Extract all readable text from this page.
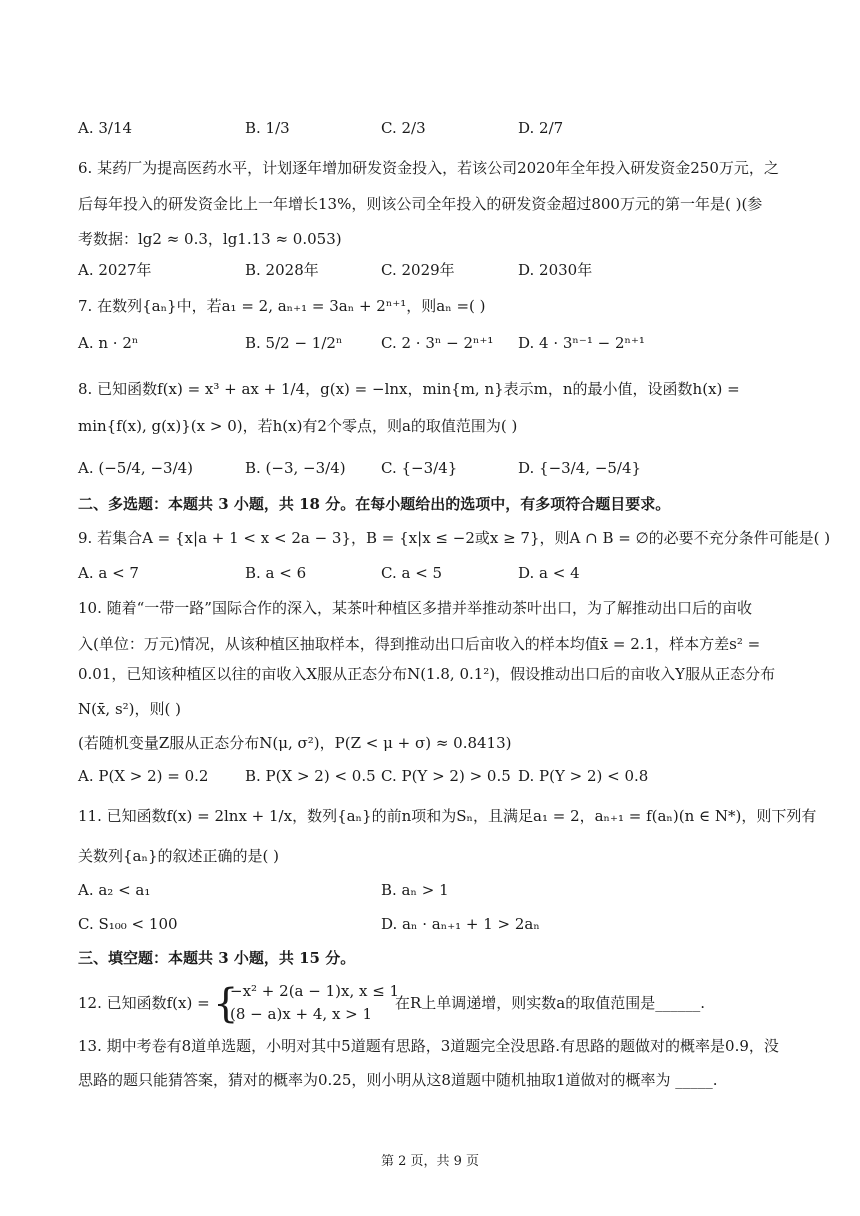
A. 3/14	B. 1/3	C. 2/3	D. 2/7
6. 某药厂为提高医药水平，计划逐年增加研发资金投入，若该公司2020年全年投入研发资金250万元，之
后每年投入的研发资金比上一年增长13%，则该公司全年投入的研发资金超过800万元的第一年是( )(参
考数据：lg2 ≈ 0.3，lg1.13 ≈ 0.053)
A. 2027年	B. 2028年	C. 2029年	D. 2030年
7. 在数列{aₙ}中，若a₁ = 2, aₙ₊₁ = 3aₙ + 2ⁿ⁺¹，则aₙ =( )
A. n · 2ⁿ	B. 5/2 − 1/2ⁿ	C. 2 · 3ⁿ − 2ⁿ⁺¹ D. 4 · 3ⁿ⁻¹ − 2ⁿ⁺¹
8. 已知函数f(x) = x³ + ax + 1/4，g(x) = −lnx，min{m, n}表示m，n的最小值，设函数h(x) =
min{f(x), g(x)}(x > 0)，若h(x)有2个零点，则a的取值范围为( )
A. (−5/4, −3/4)	B. (−3, −3/4) C. {−3/4}	D. {−3/4, −5/4}
二、多选题：本题共 3 小题，共 18 分。在每小题给出的选项中，有多项符合题目要求。
9. 若集合A = {x|a + 1 < x < 2a − 3}，B = {x|x ≤ −2或x ≥ 7}，则A ∩ B = ∅的必要不充分条件可能是( )
A. a < 7	B. a < 6	C. a < 5	D. a < 4
10. 随着“一带一路”国际合作的深入，某茶叶种植区多措并举推动茶叶出口，为了解推动出口后的亩收
入(单位：万元)情况，从该种植区抽取样本，得到推动出口后亩收入的样本均值x̄ = 2.1，样本方差s² =
0.01，已知该种植区以往的亩收入X服从正态分布N(1.8, 0.1²)，假设推动出口后的亩收入Y服从正态分布
N(x̄, s²)，则( )
(若随机变量Z服从正态分布N(μ, σ²)，P(Z < μ + σ) ≈ 0.8413)
A. P(X > 2) = 0.2 B. P(X > 2) < 0.5 C. P(Y > 2) > 0.5 D. P(Y > 2) < 0.8
11. 已知函数f(x) = 2lnx + 1/x，数列{aₙ}的前n项和为Sₙ，且满足a₁ = 2，aₙ₊₁ = f(aₙ)(n ∈ N*)，则下列有
关数列{aₙ}的叙述正确的是( )
A. a₂ < a₁	B. aₙ > 1
C. S₁₀₀ < 100	D. aₙ · aₙ₊₁ + 1 > 2aₙ
三、填空题：本题共 3 小题，共 15 分。
12. 已知函数f(x) = {
−x² + 2(a − 1)x, x ≤ 1
(8 − a)x + 4, x > 1
在R上单调递增，则实数a的取值范围是______.
13. 期中考卷有8道单选题，小明对其中5道题有思路，3道题完全没思路.有思路的题做对的概率是0.9，没
思路的题只能猜答案，猜对的概率为0.25，则小明从这8道题中随机抽取1道做对的概率为 _____.
第 2 页，共 9 页
